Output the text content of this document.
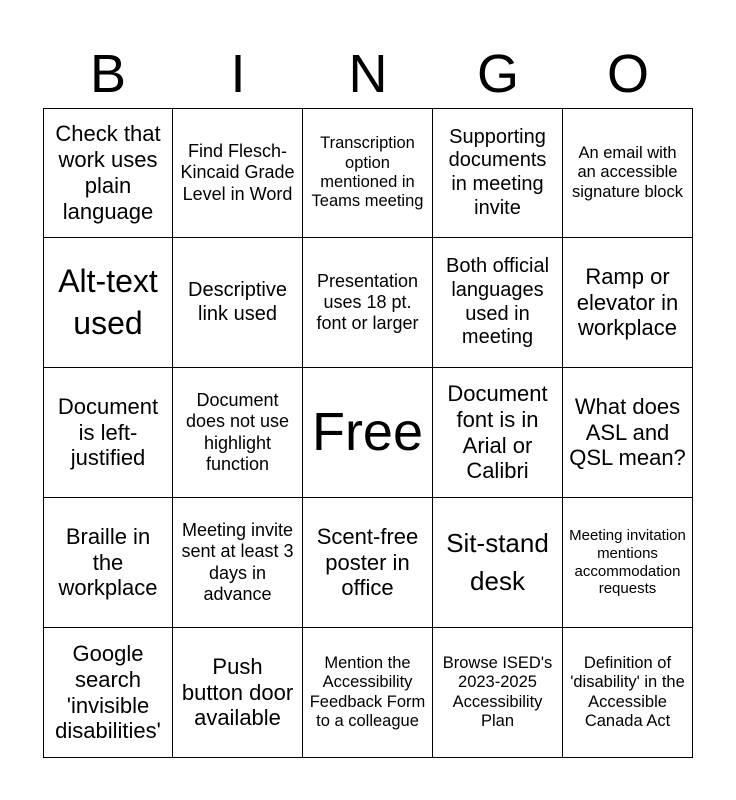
B	I	N	G	O
Check that work uses plain language
Find Flesch-Kincaid Grade Level in Word
Transcription option mentioned in Teams meeting
Supporting documents in meeting invite
An email with an accessible signature block
Alt-text used
Descriptive link used
Presentation uses 18 pt. font or larger
Both official languages used in meeting
Ramp or elevator in workplace
Document is left-justified
Document does not use highlight function
Free
Document font is in Arial or Calibri
What does ASL and QSL mean?
Braille in the workplace
Meeting invite sent at least 3 days in advance
Scent-free poster in office
Sit-stand desk
Meeting invitation mentions accommodation requests
Google search 'invisible disabilities'
Push button door available
Mention the Accessibility Feedback Form to a colleague
Browse ISED's 2023-2025 Accessibility Plan
Definition of 'disability' in the Accessible Canada Act
